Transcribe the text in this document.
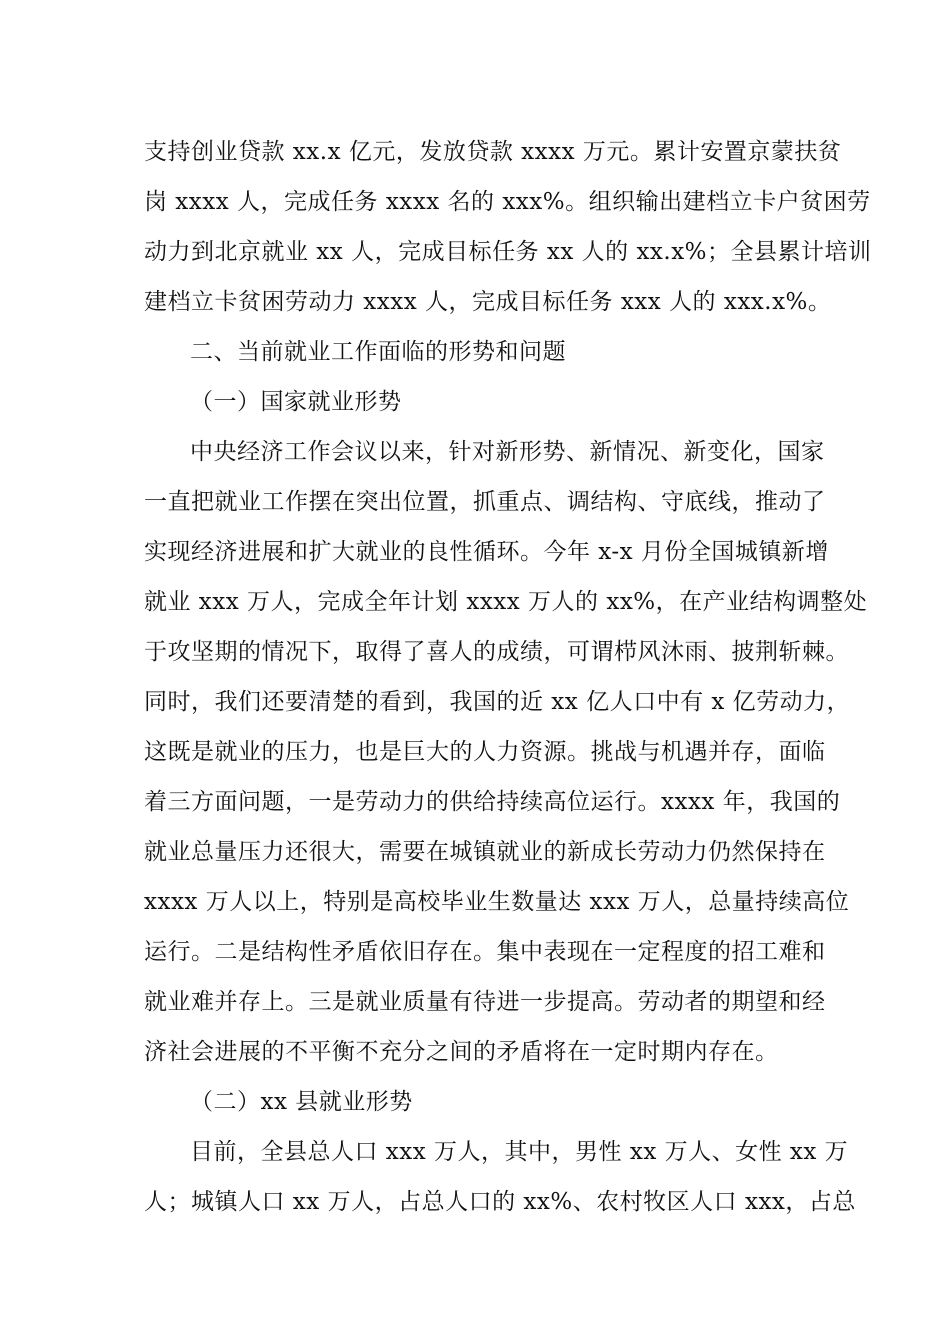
支持创业贷款 xx.x 亿元，发放贷款 xxxx 万元。累计安置京蒙扶贫
岗 xxxx 人，完成任务 xxxx 名的 xxx%。组织输出建档立卡户贫困劳
动力到北京就业 xx 人，完成目标任务 xx 人的 xx.x%；全县累计培训
建档立卡贫困劳动力 xxxx 人，完成目标任务 xxx 人的 xxx.x%。
二、当前就业工作面临的形势和问题
（一）国家就业形势
中央经济工作会议以来，针对新形势、新情况、新变化，国家
一直把就业工作摆在突出位置，抓重点、调结构、守底线，推动了
实现经济进展和扩大就业的良性循环。今年 x-x 月份全国城镇新增
就业 xxx 万人，完成全年计划 xxxx 万人的 xx%，在产业结构调整处
于攻坚期的情况下，取得了喜人的成绩，可谓栉风沐雨、披荆斩棘。
同时，我们还要清楚的看到，我国的近 xx 亿人口中有 x 亿劳动力，
这既是就业的压力，也是巨大的人力资源。挑战与机遇并存，面临
着三方面问题，一是劳动力的供给持续高位运行。xxxx 年，我国的
就业总量压力还很大，需要在城镇就业的新成长劳动力仍然保持在
xxxx 万人以上，特别是高校毕业生数量达 xxx 万人，总量持续高位
运行。二是结构性矛盾依旧存在。集中表现在一定程度的招工难和
就业难并存上。三是就业质量有待进一步提高。劳动者的期望和经
济社会进展的不平衡不充分之间的矛盾将在一定时期内存在。
（二）xx 县就业形势
目前，全县总人口 xxx 万人，其中，男性 xx 万人、女性 xx 万
人；城镇人口 xx 万人，占总人口的 xx%、农村牧区人口 xxx，占总
